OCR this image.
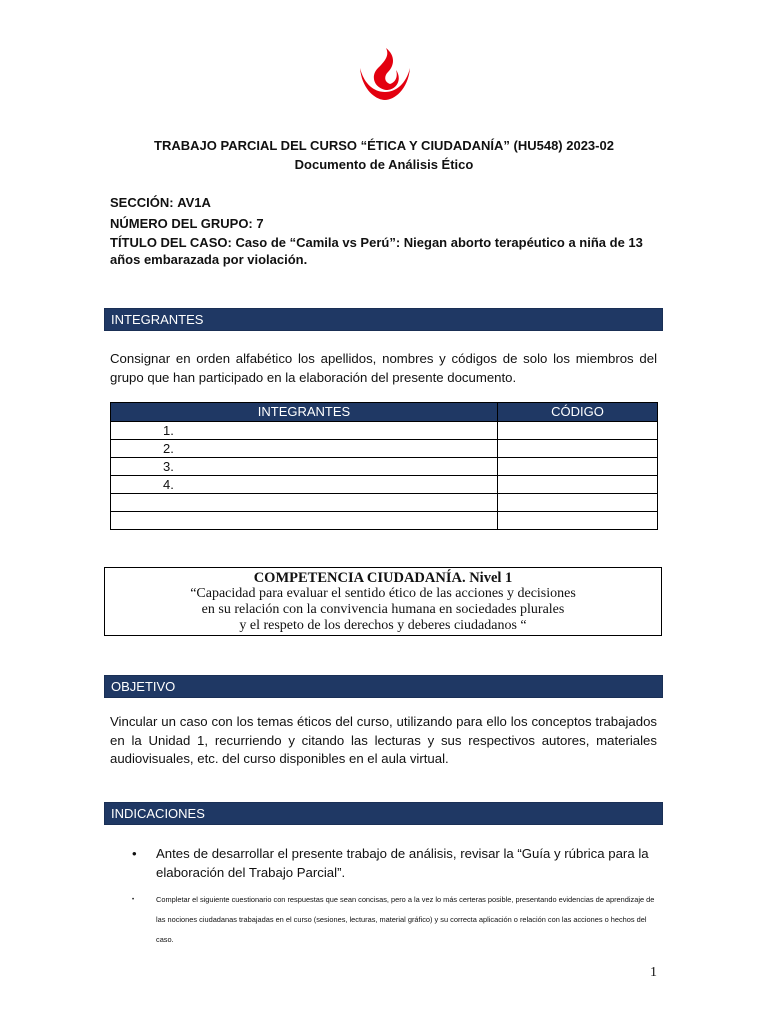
TRABAJO PARCIAL DEL CURSO “ÉTICA Y CIUDADANÍA” (HU548) 2023-02
Documento de Análisis Ético
SECCIÓN: AV1A
NÚMERO DEL GRUPO: 7
TÍTULO DEL CASO: Caso de “Camila vs Perú”: Niegan aborto terapéutico a niña de 13 años embarazada por violación.
INTEGRANTES
Consignar en orden alfabético los apellidos, nombres y códigos de solo los miembros del grupo que han participado en la elaboración del presente documento.
INTEGRANTES	CÓDIGO
1.	
2.	
3.	
4.	

COMPETENCIA CIUDADANÍA. Nivel 1
“Capacidad para evaluar el sentido ético de las acciones y decisiones
en su relación con la convivencia humana en sociedades plurales
y el respeto de los derechos y deberes ciudadanos “
OBJETIVO
Vincular un caso con los temas éticos del curso, utilizando para ello los conceptos trabajados en la Unidad 1, recurriendo y citando las lecturas y sus respectivos autores, materiales audiovisuales, etc. del curso disponibles en el aula virtual.
INDICACIONES
• Antes de desarrollar el presente trabajo de análisis, revisar la “Guía y rúbrica para la elaboración del Trabajo Parcial”.
•	Completar el siguiente cuestionario con respuestas que sean concisas, pero a la vez lo más certeras posible, presentando evidencias de aprendizaje de las nociones ciudadanas trabajadas en el curso (sesiones, lecturas, material gráfico) y su correcta aplicación o relación con las acciones o hechos del caso.
1
